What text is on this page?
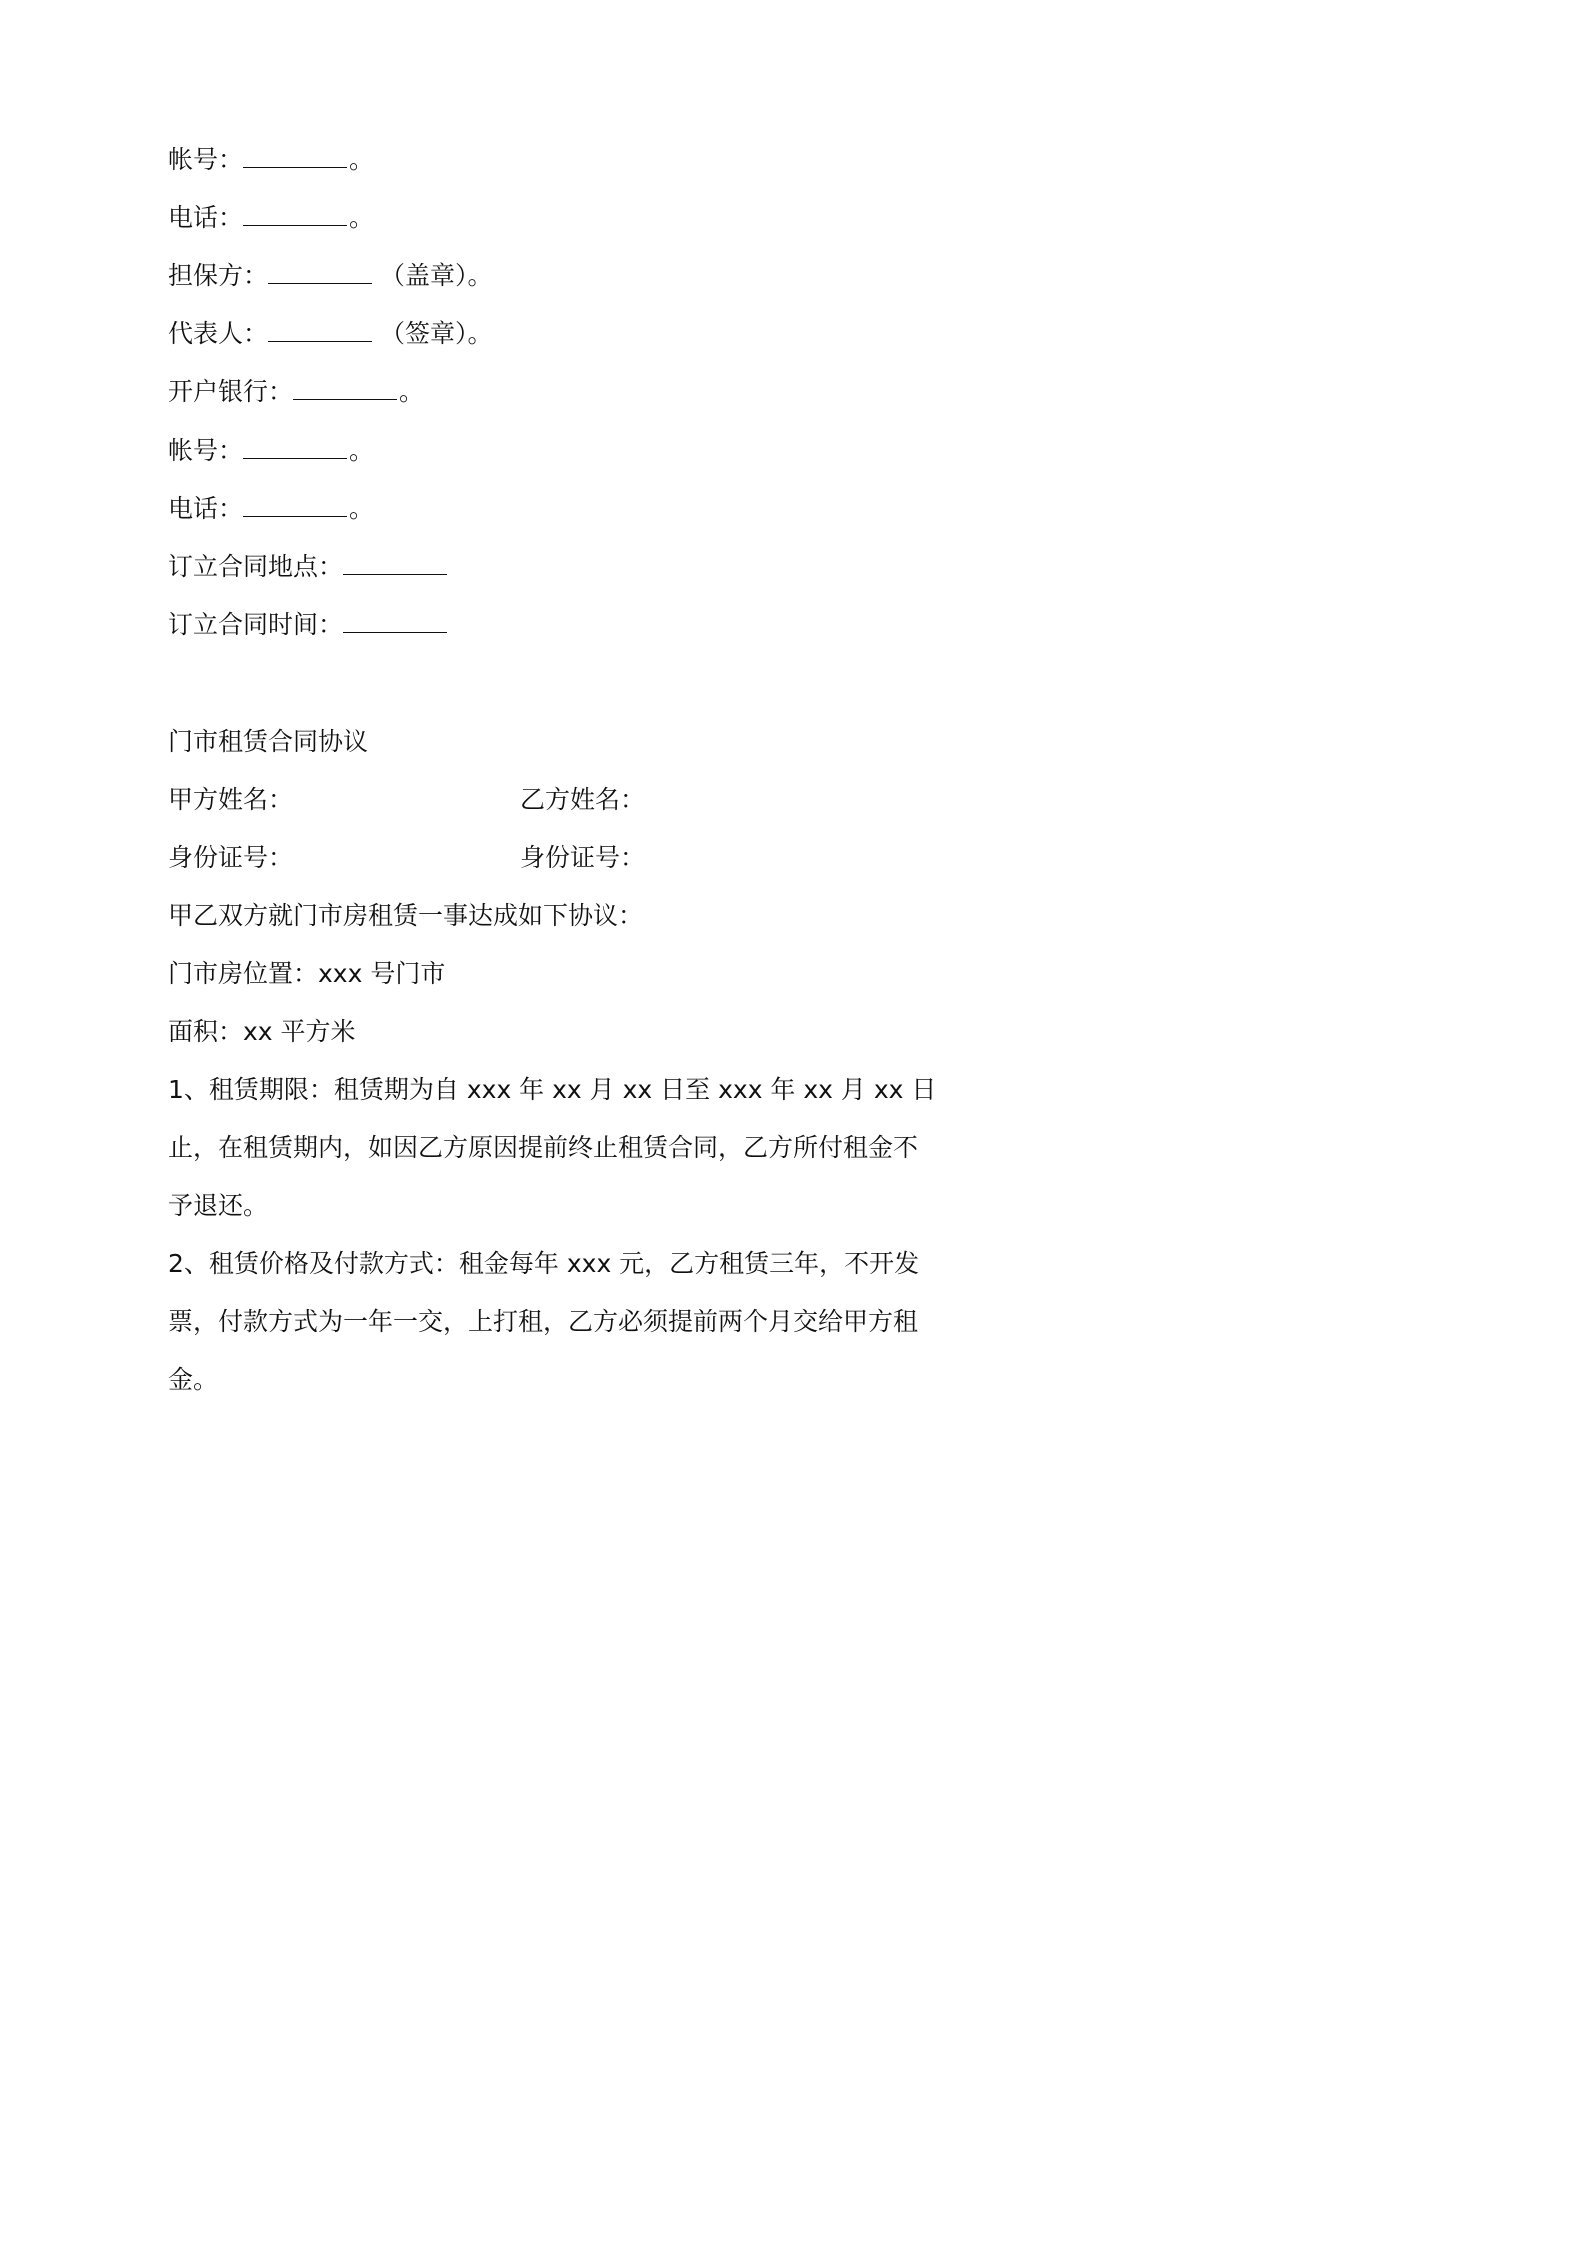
帐号：	。
电话：	。
担保方：	（盖章）。
代表人：	（签章）。
开户银行：	。
帐号：	。
电话：	。
订立合同地点：
订立合同时间：
门市租赁合同协议
甲方姓名：	乙方姓名：
身份证号：	身份证号：
甲乙双方就门市房租赁一事达成如下协议：
门市房位置：xxx 号门市
面积：xx 平方米
1、租赁期限：租赁期为自 xxx 年 xx 月 xx 日至 xxx 年 xx 月 xx 日
止，在租赁期内，如因乙方原因提前终止租赁合同，乙方所付租金不
予退还。
2、租赁价格及付款方式：租金每年 xxx 元，乙方租赁三年，不开发
票，付款方式为一年一交，上打租，乙方必须提前两个月交给甲方租
金。
